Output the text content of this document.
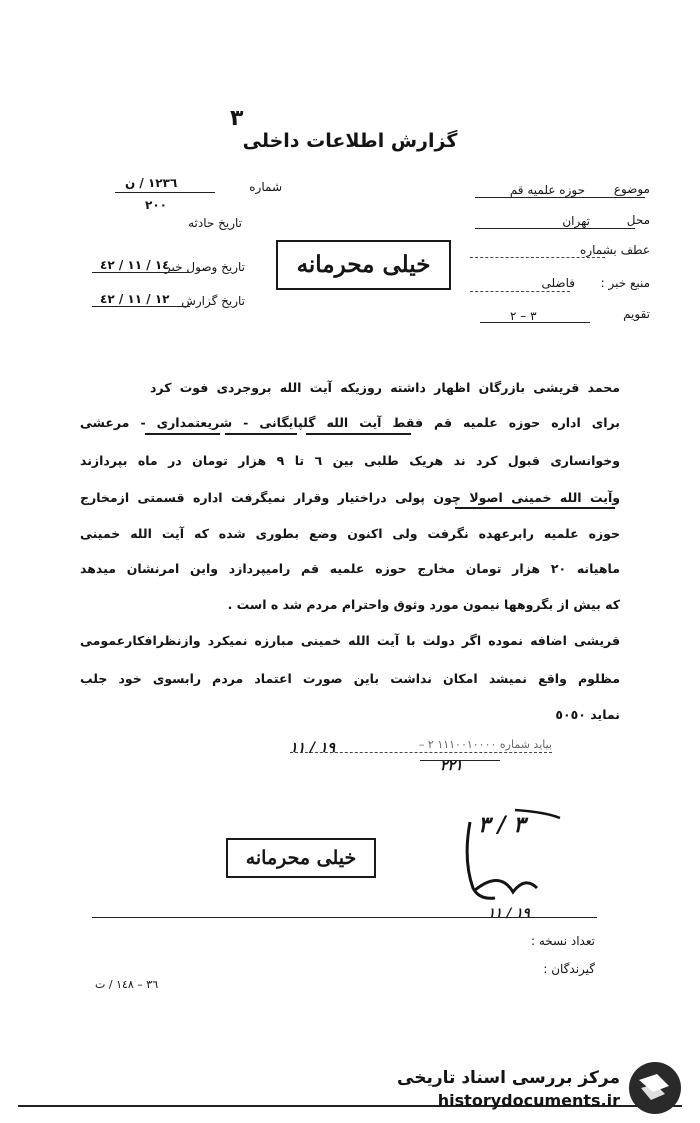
٣
گزارش اطلاعات داخلی
موضوع
حوزه علمیه قم
محل
تهران
عطف بشماره
منبع خبر :
فاضلی
تقویم
٣ – ٢
شماره
١٢٣٦ / ن
٢٠٠
تاریخ حادثه
تاریخ وصول خبر
١٤ / ١١ / ٤٢
تاریخ گزارش
١٢ / ١١ / ٤٢
خیلی محرمانه
محمد قریشی بازرگان اظهار داشته روزیکه آیت الله بروجردی فوت کرد
برای اداره حوزه علمیه قم فقط آیت الله گلپایگانی - شریعتمداری - مرعشی
وخوانساری قبول کرد ند هریک طلبی بین ٦ تا ٩ هزار تومان در ماه بپردازند
وآیت الله خمینی اصولا چون پولی دراختیار وقرار نمیگرفت اداره قسمتی ازمخارج
حوزه علمیه رابرعهده نگرفت ولی اکنون وضع بطوری شده که آیت الله خمینی
ماهیانه ٢٠ هزار تومان مخارج حوزه علمیه قم رامیپردازد واین امرنشان میدهد
که بیش از بگروهها نیمون مورد وثوق واحترام مردم شد ه است .
قریشی اضافه نموده اگر دولت با آیت الله خمینی مبارزه نمیکرد وازنظرافکارعمومی
مظلوم واقع نمیشد امکان نداشت باین صورت اعتماد مردم رابسوی خود جلب
نماید ٥٠٥٠
بیاید شماره ١١١٠٠١٠٠٠٠ ٢ –
١٩ / ١١
٢٢١
٣ / ٣
١٩ / ١١
خیلی محرمانه
تعداد نسخه :
گیرندگان :
٣٦ – ١٤٨ / ت
مرکز بررسی اسناد تاریخی
historydocuments.ir
